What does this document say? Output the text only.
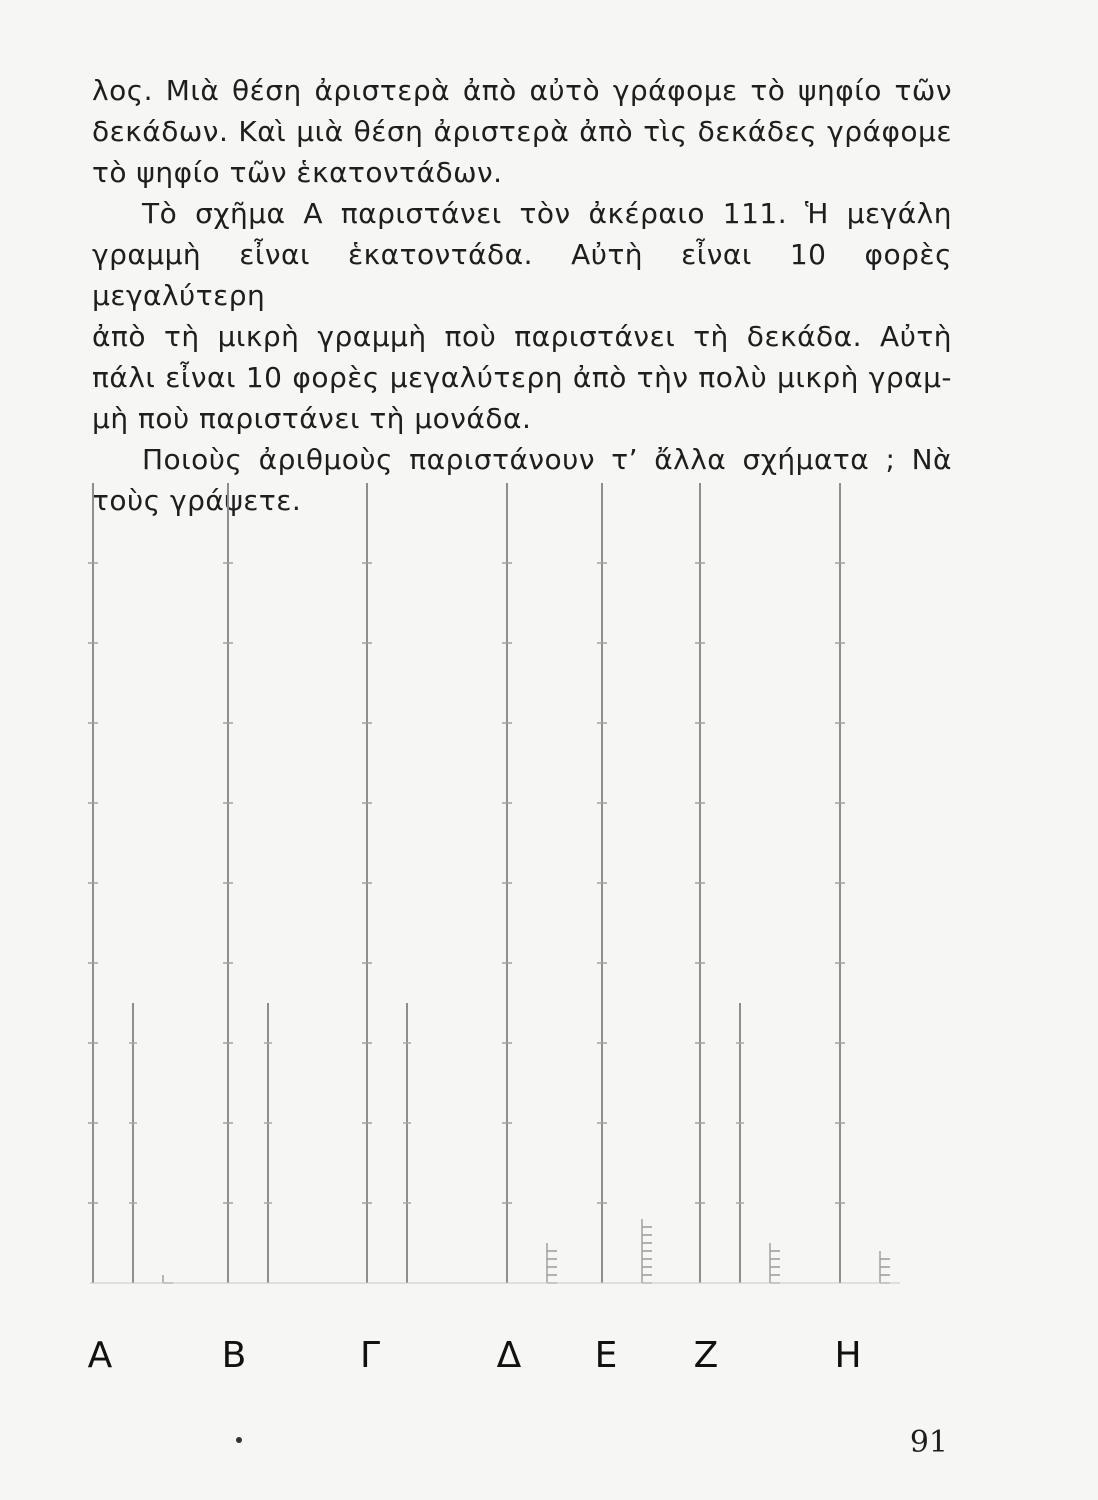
λος. Μιὰ θέση ἀριστερὰ ἀπὸ αὐτὸ γράφομε τὸ ψηφίο τῶν
δεκάδων. Καὶ μιὰ θέση ἀριστερὰ ἀπὸ τὶς δεκάδες γράφομε
τὸ ψηφίο τῶν ἑκατοντάδων.
Τὸ σχῆμα Α παριστάνει τὸν ἀκέραιο 111. Ἡ μεγάλη
γραμμὴ εἶναι ἑκατοντάδα. Αὐτὴ εἶναι 10 φορὲς μεγαλύτερη
ἀπὸ τὴ μικρὴ γραμμὴ ποὺ παριστάνει τὴ δεκάδα. Αὐτὴ
πάλι εἶναι 10 φορὲς μεγαλύτερη ἀπὸ τὴν πολὺ μικρὴ γραμ-
μὴ ποὺ παριστάνει τὴ μονάδα.
Ποιοὺς ἀριθμοὺς παριστάνουν τ’ ἄλλα σχήματα ; Νὰ
τοὺς γράψετε.
Α	Β	Γ	Δ Ε Ζ	Η
91
